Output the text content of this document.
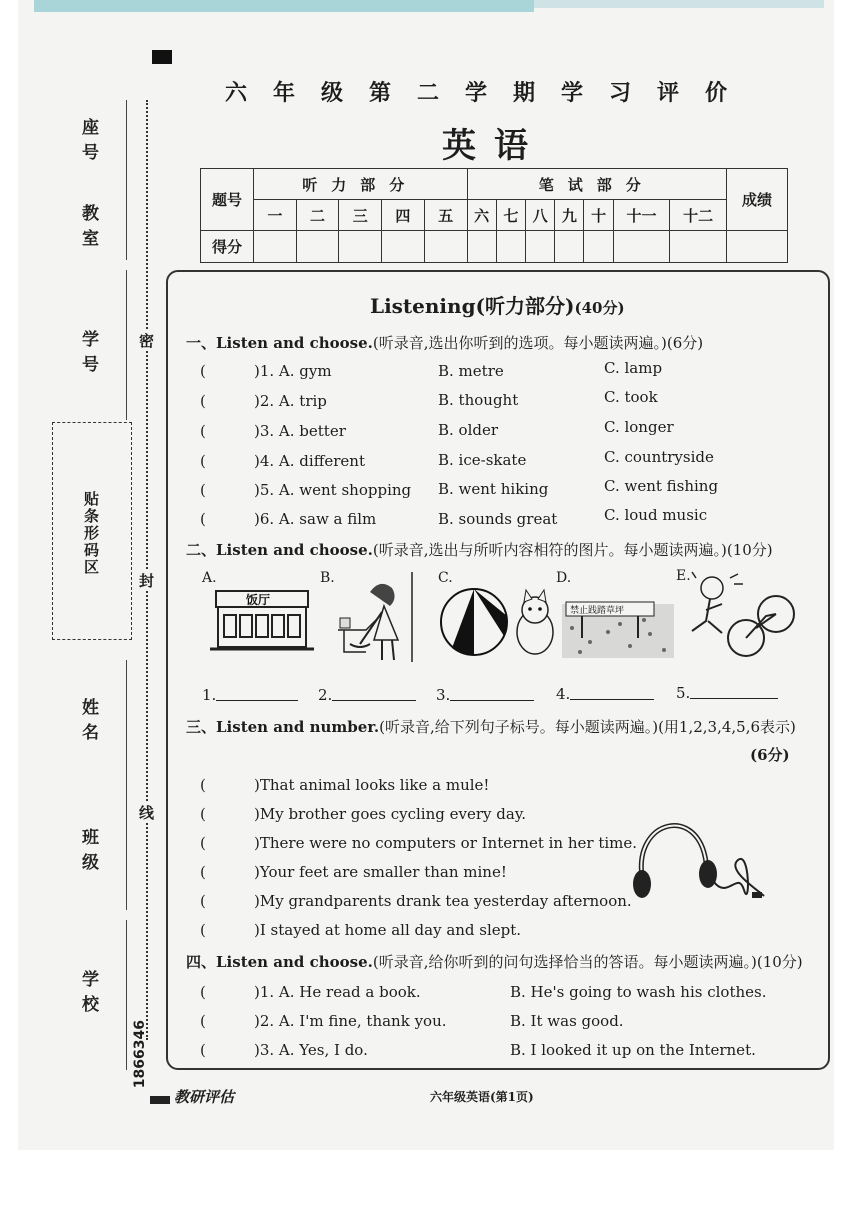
座号
教室
学号
贴条形码区
姓名
班级
学校
密
封
线
1866346
六年级第二学期学习评价
英语
题号	听力部分					笔试部分							成绩
	一	二	三	四	五	六	七	八	九	十	十一	十二	
得分													
Listening(听力部分)(40分)
一、Listen and choose.(听录音,选出你听到的选项。每小题读两遍。)(6分)
(	)1. A. gym	B. metre	C. lamp
(	)2. A. trip	B. thought	C. took
(	)3. A. better	B. older	C. longer
(	)4. A. different	B. ice-skate	C. countryside
(	)5. A. went shopping B. went hiking	C. went fishing
(	)6. A. saw a film	B. sounds great	C. loud music
二、Listen and choose.(听录音,选出与所听内容相符的图片。每小题读两遍。)(10分)
A.	B.	C.	D.	E.
饭厅
禁止践踏草坪
1.	2.	3.	4.	5.
三、Listen and number.(听录音,给下列句子标号。每小题读两遍。)(用1,2,3,4,5,6表示)
(6分)
(	)That animal looks like a mule!
(	)My brother goes cycling every day.
(	)There were no computers or Internet in her time.
(	)Your feet are smaller than mine!
(	)My grandparents drank tea yesterday afternoon.
(	)I stayed at home all day and slept.
四、Listen and choose.(听录音,给你听到的问句选择恰当的答语。每小题读两遍。)(10分)
(	)1. A. He read a book.	B. He's going to wash his clothes.
(	)2. A. I'm fine, thank you.	B. It was good.
(	)3. A. Yes, I do.	B. I looked it up on the Internet.
教研评估	六年级英语(第1页)
